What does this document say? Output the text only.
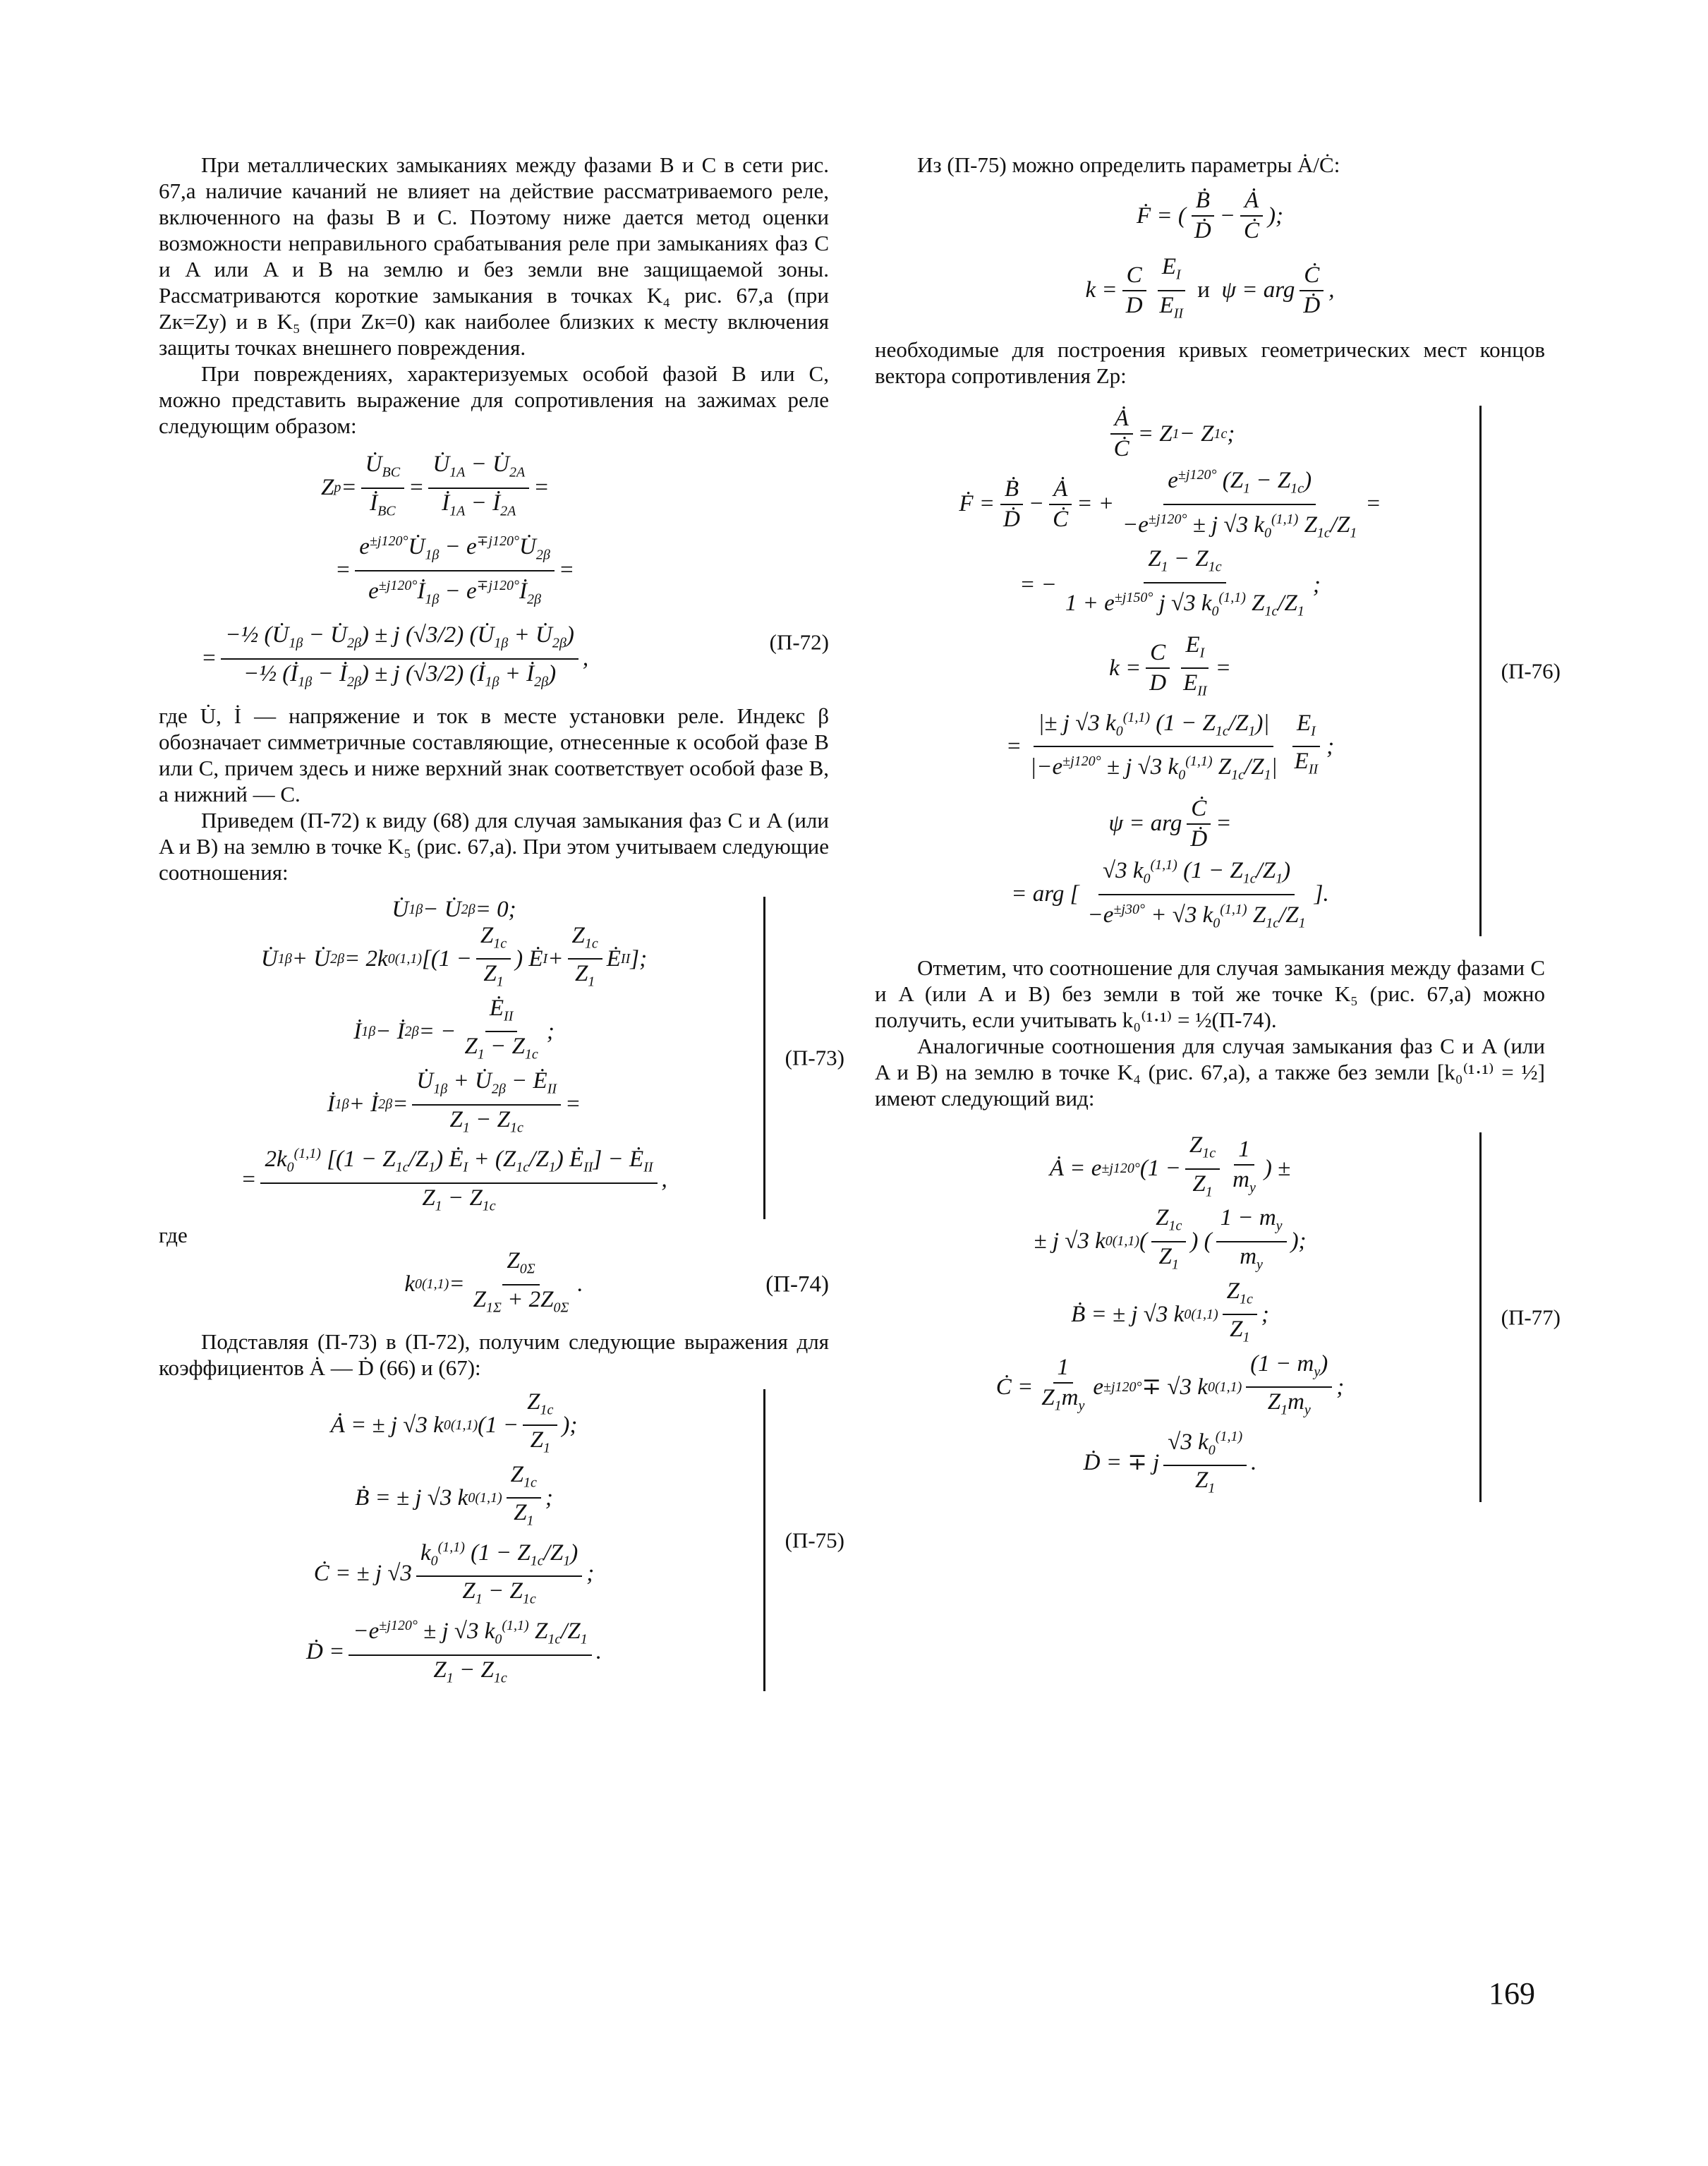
При металлических замыканиях между фазами B и C в сети рис. 67,а наличие качаний не влияет на действие рассматриваемого реле, включенного на фазы B и C. Поэтому ниже дается метод оценки возможности неправильного срабатывания реле при замыканиях фаз C и A или A и B на землю и без земли вне защищаемой зоны. Рассматриваются короткие замыкания в точках K₄ рис. 67,а (при Zк=Zу) и в K₅ (при Zк=0) как наиболее близких к месту включения защиты точках внешнего повреждения.

При повреждениях, характеризуемых особой фазой B или C, можно представить выражение для сопротивления на зажимах реле следующим образом:

Z $р = \frac{U̇_{BC}}{İ_{BC}} = \frac{U̇_{1A} - U̇_{2A}}{İ_{1A} - İ_{2A}}$ =
= $\frac{e^{\pm j120^\circ}U̇_{1\beta} - e^{\mp j120^\circ}U̇_{2\beta}}{e^{\pm j120^\circ}İ_{1\beta} - e^{\mp j120^\circ}İ_{2\beta}}$ =
= $\frac{-\frac{1}{2} (U̇_{1\beta} - U̇_{2\beta}) \pm j (√3/2) (U̇_{1\beta} + U̇_{2\beta})}{-\frac{1}{2} (İ_{1\beta} - İ_{2\beta}) \pm j (√3/2) (İ_{1\beta} + İ_{2\beta})}$ ,
(П-72)

где U̇, İ — напряжение и ток в месте установки реле. Индекс β обозначает симметричные составляющие, отнесенные к особой фазе B или C, причем здесь и ниже верхний знак соответствует особой фазе B, а нижний — C.

Приведем (П-72) к виду (68) для случая замыкания фаз C и A (или A и B) на землю в точке K₅ (рис. 67,а). При этом учитываем следующие соотношения:

U̇ 1β − U̇ 2β = 0;
U̇ 1β + U̇ 2β = 2k 0 (1,1) [($1 - \frac{Z_{1c}}{Z_1}$ ) Ė $I + \frac{Z_{1c}}{Z_1}$ Ė II ];
İ 1β − İ 2β = − $\frac{Ė_{II}}{Z_1 - Z_{1c}}$ ;
İ 1β + İ $2\beta = \frac{U̇_{1\beta} + U̇_{2\beta} - Ė_{II}}{Z_1 - Z_{1c}}$ =
= $\frac{2k_0^{(1,1)} [(1 - Z_{1c}/Z_1) Ė_I + (Z_{1c}/Z_1) Ė_{II}] - Ė_{II}}{Z_1 - Z_{1c}}$ ,
(П-73)

где

k 0 $(1,1) = \frac{Z_{0\Sigma}}{Z_{1\Sigma} + 2Z_{0\Sigma}}$ .	(П-74)

Подставляя (П-73) в (П-72), получим следующие выражения для коэффициентов Ȧ — Ḋ (66) и (67):

Ȧ = ± j √3 k 0 (1,1) ($1 - \frac{Z_{1c}}{Z_1}$ );
Ḃ = ± j √3 k 0 $(1,1) \frac{Z_{1c}}{Z_1}$ ;
Ċ = ± j $√3 \frac{k_0^{(1,1)} (1 - Z_{1c}/Z_1)}{Z_1 - Z_{1c}}$ ;
Ḋ = $\frac{-e^{\pm j120^\circ} \pm j √3 k_0^{(1,1)} Z_{1c}/Z_1}{Z_1 - Z_{1c}}$ .
(П-75)

Из (П-75) можно определить параметры Ȧ/Ċ:

Ḟ = ( $\frac{\text{Ḃ}}{\text{Ḋ}} - \frac{Ȧ}{Ċ}$ );
$k = \frac{C}{D} \frac{E_I}{E_{II}}$
и ψ = arg $\frac{Ċ}{\text{Ḋ}}$ ,

необходимые для построения кривых геометрических мест концов вектора сопротивления Zр:

$\frac{Ȧ}{Ċ} = Z$ 1 − Z 1c ;
Ḟ = $\frac{\text{Ḃ}}{\text{Ḋ}} - \frac{Ȧ}{Ċ}$ = + $\frac{e^{\pm j120^\circ} (Z_1 - Z_{1c})}{-e^{\pm j120^\circ} \pm j √3 k_0^{(1,1)} Z_{1c}/Z_1}$ =
= − $\frac{Z_1 - Z_{1c}}{1 + e^{\pm j150^\circ} j √3 k_0^{(1,1)} Z_{1c}/Z_1}$ ;
$k = \frac{C}{D} \frac{E_I}{E_{II}}$ =
= $\frac{|\pm j √3 k_0^{(1,1)} (1 - Z_{1c}/Z_1)|}{|-e^{\pm j120^\circ} \pm j √3 k_0^{(1,1)} Z_{1c}/Z_1|} \frac{E_I}{E_{II}}$ ;
ψ = arg $\frac{Ċ}{\text{Ḋ}}$ =
= arg [ $\frac{√3 k_0^{(1,1)} (1 - Z_{1c}/Z_1)}{-e^{\pm j30^\circ} + √3 k_0^{(1,1)} Z_{1c}/Z_1}$ ].
(П-76)

Отметим, что соотношение для случая замыкания между фазами C и A (или A и B) без земли в той же точке K₅ (рис. 67,а) можно получить, если учитывать k₀⁽¹·¹⁾ = ½(П-74).

Аналогичные соотношения для случая замыкания фаз C и A (или A и B) на землю в точке K₄ (рис. 67,а), а также без земли [k₀⁽¹·¹⁾ = ½] имеют следующий вид:

Ȧ = e ±j120° ($1 - \frac{Z_{1c}}{Z_1} \frac{1}{m_у}$ ) ±
± j √3 k 0 (1,1) ( $\frac{Z_{1c}}{Z_1}$ ) ( $\frac{1 - m_у}{m_у}$ );
Ḃ = ± j √3 k 0 $(1,1) \frac{Z_{1c}}{Z_1}$ ;
Ċ = $\frac{1}{Z_1m_у}$ e ±j120° ∓ √3 k 0 $(1,1) \frac{(1 - m_у)}{Z_1m_у}$ ;
Ḋ = ∓ j $\frac{√3 k_0^{(1,1)}}{Z_1}$ .
(П-77)
169
